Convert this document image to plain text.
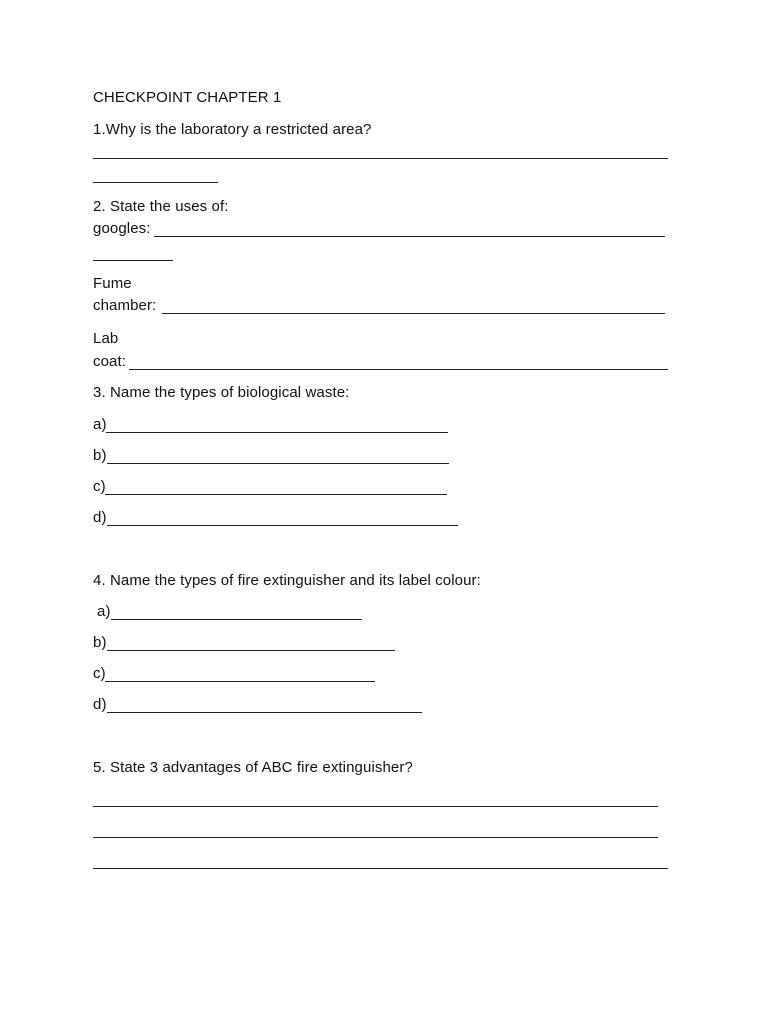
CHECKPOINT CHAPTER 1
1.Why is the laboratory a restricted area?
2. State the uses of:
googles:
Fume
chamber:
Lab
coat:
3. Name the types of biological waste:
a)
b)
c)
d)
4. Name the types of fire extinguisher and its label colour:
a)
b)
c)
d)
5. State 3 advantages of ABC fire extinguisher?
